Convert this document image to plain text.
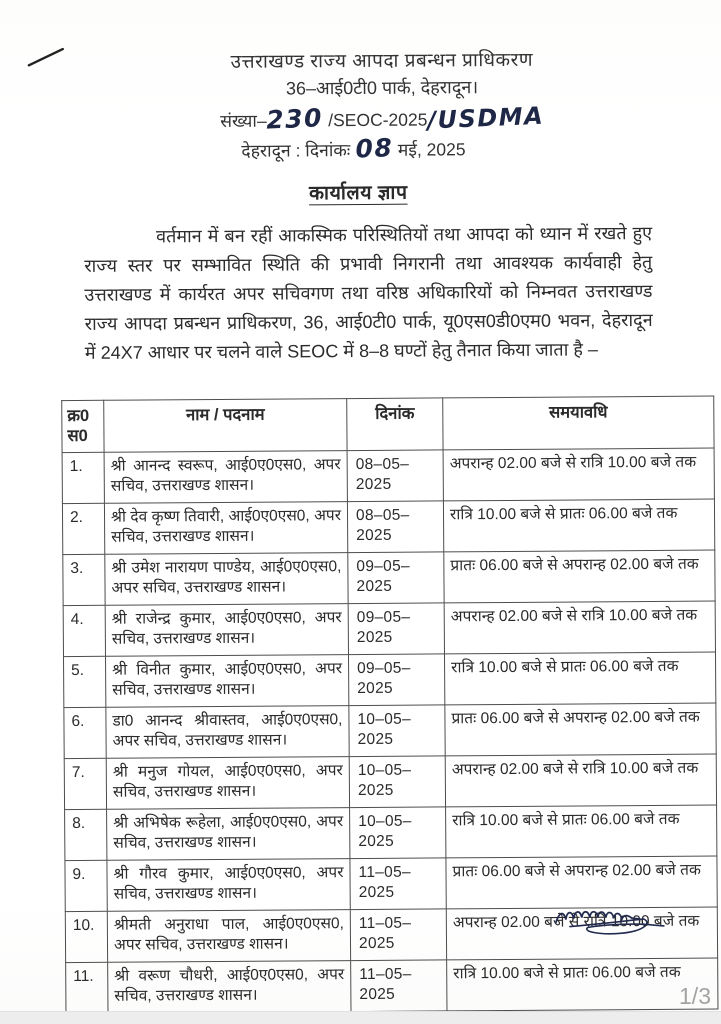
उत्तराखण्ड राज्य आपदा प्रबन्धन प्राधिकरण
36–आई0टी0 पार्क, देहरादून।
संख्या–230 /SEOC-2025/USDMA
देहरादून : दिनांकः 08 मई, 2025
कार्यालय ज्ञाप
वर्तमान में बन रहीं आकस्मिक परिस्थितियों तथा आपदा को ध्यान में रखते हुए राज्य स्तर पर सम्भावित स्थिति की प्रभावी निगरानी तथा आवश्यक कार्यवाही हेतु उत्तराखण्ड में कार्यरत अपर सचिवगण तथा वरिष्ठ अधिकारियों को निम्नवत उत्तराखण्ड राज्य आपदा प्रबन्धन प्राधिकरण, 36, आई0टी0 पार्क, यू0एस0डी0एम0 भवन, देहरादून में 24X7 आधार पर चलने वाले SEOC में 8–8 घण्टों हेतु तैनात किया जाता है –
क्र0 स0	नाम / पदनाम	दिनांक	समयावधि
1.	श्री आनन्द स्वरूप, आई0ए0एस0, अपर सचिव, उत्तराखण्ड शासन।	08–05–2025	अपरान्ह 02.00 बजे से रात्रि 10.00 बजे तक
2.	श्री देव कृष्ण तिवारी, आई0ए0एस0, अपर सचिव, उत्तराखण्ड शासन।	08–05–2025	रात्रि 10.00 बजे से प्रातः 06.00 बजे तक
3.	श्री उमेश नारायण पाण्डेय, आई0ए0एस0, अपर सचिव, उत्तराखण्ड शासन।	09–05–2025	प्रातः 06.00 बजे से अपरान्ह 02.00 बजे तक
4.	श्री राजेन्द्र कुमार, आई0ए0एस0, अपर सचिव, उत्तराखण्ड शासन।	09–05–2025	अपरान्ह 02.00 बजे से रात्रि 10.00 बजे तक
5.	श्री विनीत कुमार, आई0ए0एस0, अपर सचिव, उत्तराखण्ड शासन।	09–05–2025	रात्रि 10.00 बजे से प्रातः 06.00 बजे तक
6.	डा0 आनन्द श्रीवास्तव, आई0ए0एस0, अपर सचिव, उत्तराखण्ड शासन।	10–05–2025	प्रातः 06.00 बजे से अपरान्ह 02.00 बजे तक
7.	श्री मनुज गोयल, आई0ए0एस0, अपर सचिव, उत्तराखण्ड शासन।	10–05–2025	अपरान्ह 02.00 बजे से रात्रि 10.00 बजे तक
8.	श्री अभिषेक रूहेला, आई0ए0एस0, अपर सचिव, उत्तराखण्ड शासन।	10–05–2025	रात्रि 10.00 बजे से प्रातः 06.00 बजे तक
9.	श्री गौरव कुमार, आई0ए0एस0, अपर सचिव, उत्तराखण्ड शासन।	11–05–2025	प्रातः 06.00 बजे से अपरान्ह 02.00 बजे तक
10.	श्रीमती अनुराधा पाल, आई0ए0एस0, अपर सचिव, उत्तराखण्ड शासन।	11–05–2025	अपरान्ह 02.00 बजे से रात्रि 10.00 बजे तक
11.	श्री वरूण चौधरी, आई0ए0एस0, अपर सचिव, उत्तराखण्ड शासन।	11–05–2025	रात्रि 10.00 बजे से प्रातः 06.00 बजे तक
1/3
